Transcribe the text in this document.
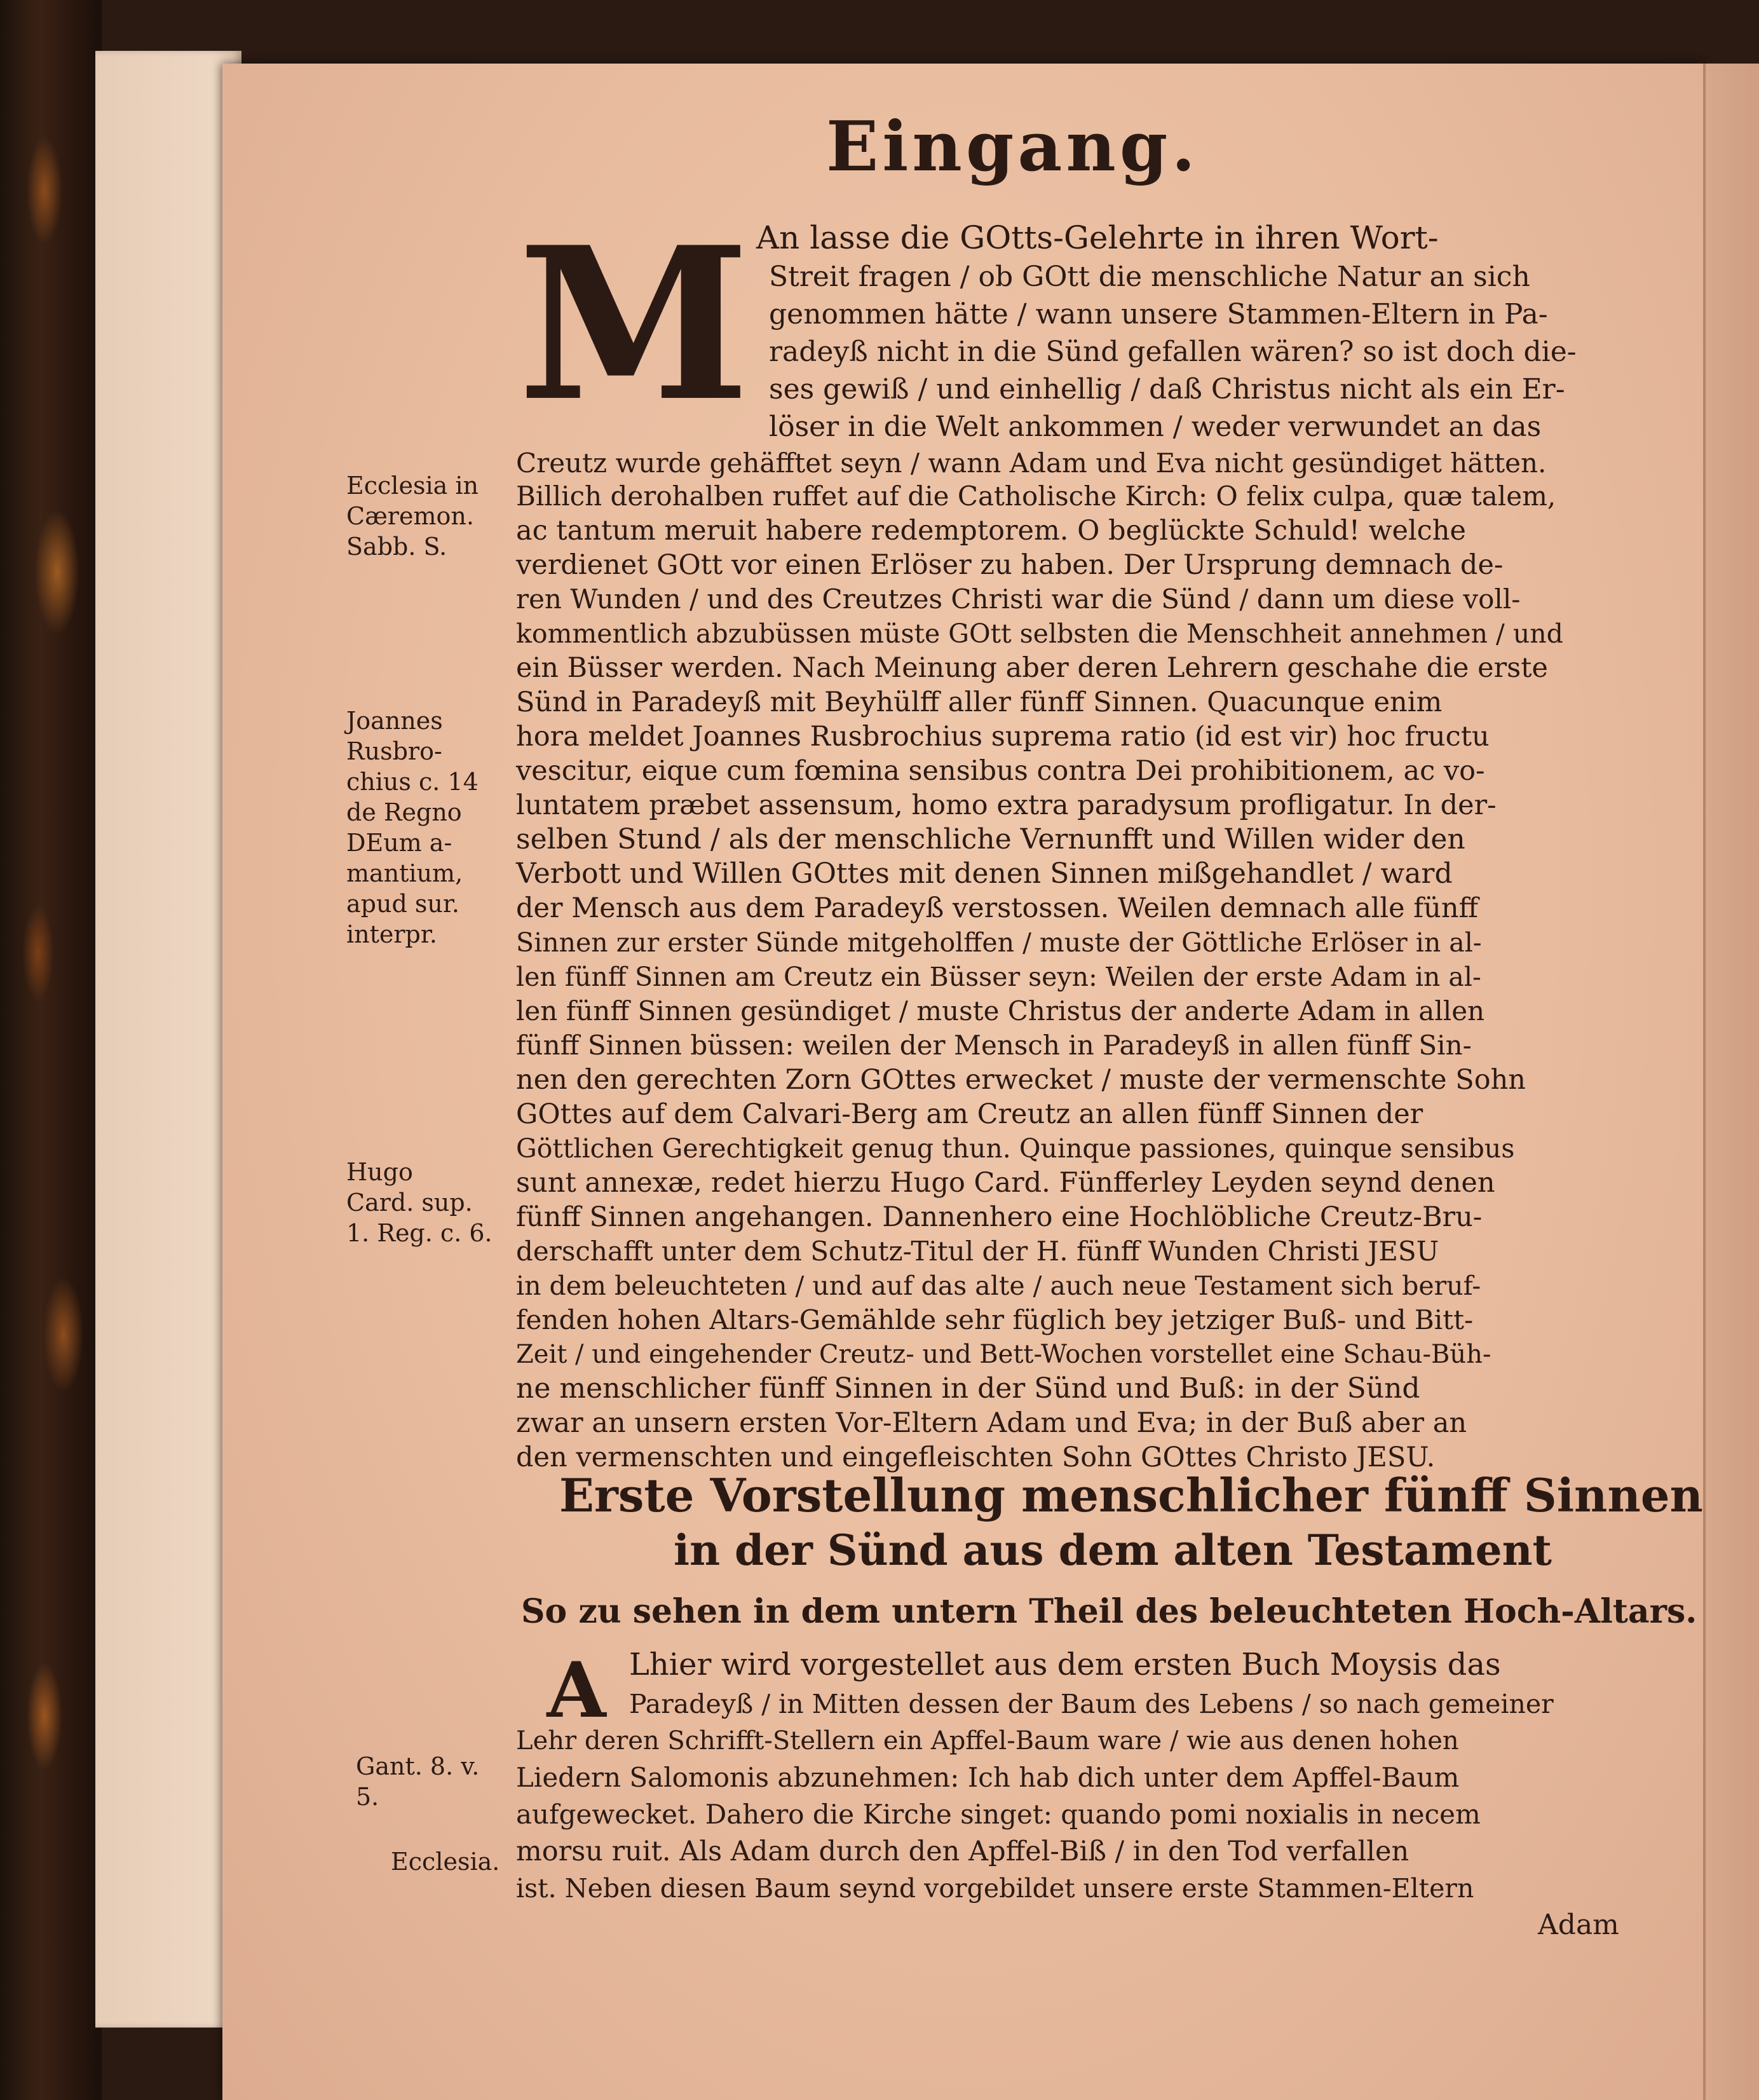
Eingang.
M An lasse die GOtts-Gelehrte in ihren Wort-

Streit fragen / ob GOtt die menschliche Natur an sich

genommen hätte / wann unsere Stammen-Eltern in Pa-

radeyß nicht in die Sünd gefallen wären? so ist doch die-

ses gewiß / und einhellig / daß Christus nicht als ein Er-

löser in die Welt ankommen / weder verwundet an das

Creutz wurde gehäfftet seyn / wann Adam und Eva nicht gesündiget hätten.

Billich derohalben ruffet auf die Catholische Kirch: O felix culpa, quæ talem,

ac tantum meruit habere redemptorem. O beglückte Schuld! welche

verdienet GOtt vor einen Erlöser zu haben. Der Ursprung demnach de-

ren Wunden / und des Creutzes Christi war die Sünd / dann um diese voll-

kommentlich abzubüssen müste GOtt selbsten die Menschheit annehmen / und

ein Büsser werden. Nach Meinung aber deren Lehrern geschahe die erste

Sünd in Paradeyß mit Beyhülff aller fünff Sinnen. Quacunque enim

hora meldet Joannes Rusbrochius suprema ratio (id est vir) hoc fructu

vescitur, eique cum fœmina sensibus contra Dei prohibitionem, ac vo-

luntatem præbet assensum, homo extra paradysum profligatur. In der-

selben Stund / als der menschliche Vernunfft und Willen wider den

Verbott und Willen GOttes mit denen Sinnen mißgehandlet / ward

der Mensch aus dem Paradeyß verstossen. Weilen demnach alle fünff

Sinnen zur erster Sünde mitgeholffen / muste der Göttliche Erlöser in al-

len fünff Sinnen am Creutz ein Büsser seyn: Weilen der erste Adam in al-

len fünff Sinnen gesündiget / muste Christus der anderte Adam in allen

fünff Sinnen büssen: weilen der Mensch in Paradeyß in allen fünff Sin-

nen den gerechten Zorn GOttes erwecket / muste der vermenschte Sohn

GOttes auf dem Calvari-Berg am Creutz an allen fünff Sinnen der

Göttlichen Gerechtigkeit genug thun. Quinque passiones, quinque sensibus

sunt annexæ, redet hierzu Hugo Card. Fünfferley Leyden seynd denen

fünff Sinnen angehangen. Dannenhero eine Hochlöbliche Creutz-Bru-

derschafft unter dem Schutz-Titul der H. fünff Wunden Christi JESU

in dem beleuchteten / und auf das alte / auch neue Testament sich beruf-

fenden hohen Altars-Gemählde sehr füglich bey jetziger Buß- und Bitt-

Zeit / und eingehender Creutz- und Bett-Wochen vorstellet eine Schau-Büh-

ne menschlicher fünff Sinnen in der Sünd und Buß: in der Sünd

zwar an unsern ersten Vor-Eltern Adam und Eva; in der Buß aber an

den vermenschten und eingefleischten Sohn GOttes Christo JESU.

Ecclesia in
Cæremon.
Sabb. S.
Joannes
Rusbro-
chius c. 14
de Regno
DEum a-
mantium,
apud sur.
interpr.
Hugo
Card. sup.
1. Reg. c. 6.
Gant. 8. v.
5.
Ecclesia.
Erste Vorstellung menschlicher fünff Sinnen
in der Sünd aus dem alten Testament
So zu sehen in dem untern Theil des beleuchteten Hoch-Altars.
A Lhier wird vorgestellet aus dem ersten Buch Moysis das

Paradeyß / in Mitten dessen der Baum des Lebens / so nach gemeiner

Lehr deren Schrifft-Stellern ein Apffel-Baum ware / wie aus denen hohen

Liedern Salomonis abzunehmen: Ich hab dich unter dem Apffel-Baum

aufgewecket. Dahero die Kirche singet: quando pomi noxialis in necem

morsu ruit. Als Adam durch den Apffel-Biß / in den Tod verfallen

ist. Neben diesen Baum seynd vorgebildet unsere erste Stammen-Eltern

Adam
